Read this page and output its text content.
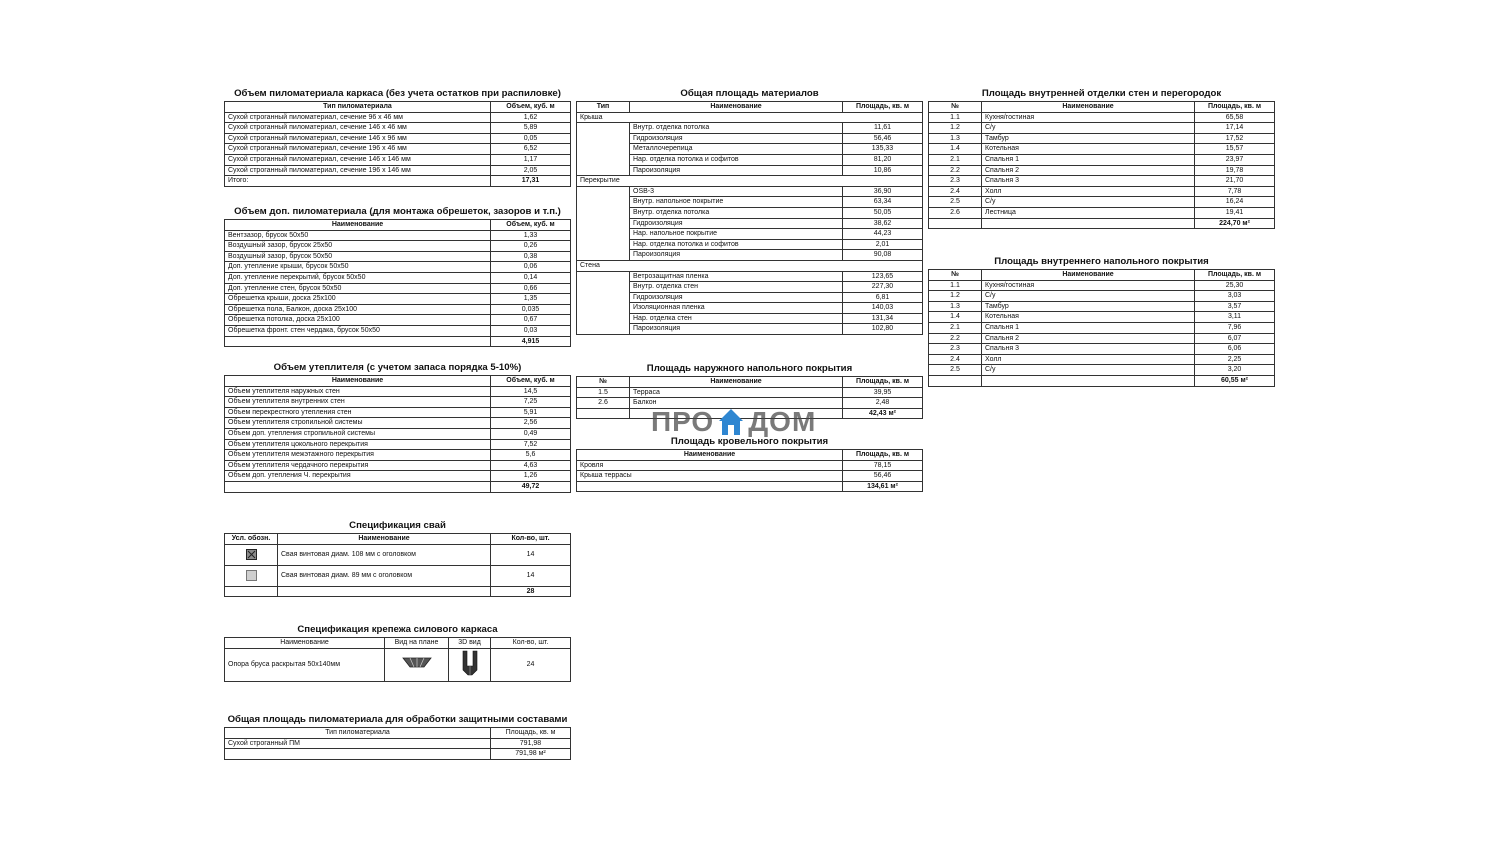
Объем пиломатериала каркаса (без учета остатков при распиловке)
Тип пиломатериала	Объем, куб. м
Сухой строганный пиломатериал, сечение 96 х 46 мм	1,62
Сухой строганный пиломатериал, сечение 146 х 46 мм	5,89
Сухой строганный пиломатериал, сечение 146 х 96 мм	0,05
Сухой строганный пиломатериал, сечение 196 х 46 мм	6,52
Сухой строганный пиломатериал, сечение 146 х 146 мм	1,17
Сухой строганный пиломатериал, сечение 196 х 146 мм	2,05
Итого:	17,31
Объем доп. пиломатериала (для монтажа обрешеток, зазоров и т.п.)
Наименование	Объем, куб. м
Вентзазор, брусок 50х50	1,33
Воздушный зазор, брусок 25х50	0,26
Воздушный зазор, брусок 50х50	0,38
Доп. утепление крыши, брусок 50х50	0,06
Доп. утепление перекрытий, брусок 50х50	0,14
Доп. утепление стен, брусок 50х50	0,66
Обрешетка крыши, доска 25х100	1,35
Обрешетка пола, Балкон, доска 25х100	0,035
Обрешетка потолка, доска 25х100	0,67
Обрешетка фронт. стен чердака, брусок 50х50	0,03
	4,915
Объем утеплителя (с учетом запаса порядка 5-10%)
Наименование	Объем, куб. м
Объем утеплителя наружных стен	14,5
Объем утеплителя внутренних стен	7,25
Объем перекрестного утепления стен	5,91
Объем утеплителя стропильной системы	2,56
Объем доп. утепления стропильной системы	0,49
Объем утеплителя цокольного перекрытия	7,52
Объем утеплителя межэтажного перекрытия	5,6
Объем утеплителя чердачного перекрытия	4,63
Объем доп. утепления Ч. перекрытия	1,26
	49,72
Спецификация свай
Усл. обозн.	Наименование	Кол-во, шт.
	Свая винтовая диам. 108 мм с оголовком	14
	Свая винтовая диам. 89 мм с оголовком	14
		28
Спецификация крепежа силового каркаса
Наименование	Вид на плане	3D вид	Кол-во, шт.
Опора бруса раскрытая 50х140мм			24
Общая площадь пиломатериала для обработки защитными составами
Тип пиломатериала	Площадь, кв. м
Сухой строганный ПМ	791,98
	791,98 м²
Общая площадь материалов
Тип	Наименование	Площадь, кв. м
Крыша		
	Внутр. отделка потолка	11,61
	Гидроизоляция	56,46
	Металлочерепица	135,33
	Нар. отделка потолка и софитов	81,20
	Пароизоляция	10,86
Перекрытие		
	OSB-3	36,90
	Внутр. напольное покрытие	63,34
	Внутр. отделка потолка	50,05
	Гидроизоляция	38,62
	Нар. напольное покрытие	44,23
	Нар. отделка потолка и софитов	2,01
	Пароизоляция	90,08
Стена		
	Ветрозащитная пленка	123,65
	Внутр. отделка стен	227,30
	Гидроизоляция	6,81
	Изоляционная пленка	140,03
	Нар. отделка стен	131,34
	Пароизоляция	102,80
Площадь наружного напольного покрытия
№	Наименование	Площадь, кв. м
1.5	Терраса	39,95
2.6	Балкон	2,48
		42,43 м²
Площадь кровельного покрытия
Наименование	Площадь, кв. м
Кровля	78,15
Крыша террасы	56,46
	134,61 м²
ПРО ДОМ
Площадь внутренней отделки стен и перегородок
№	Наименование	Площадь, кв. м
1.1	Кухня/гостиная	65,58
1.2	С/у	17,14
1.3	Тамбур	17,52
1.4	Котельная	15,57
2.1	Спальня 1	23,97
2.2	Спальня 2	19,78
2.3	Спальня 3	21,70
2.4	Холл	7,78
2.5	С/у	16,24
2.6	Лестница	19,41
		224,70 м²
Площадь внутреннего напольного покрытия
№	Наименование	Площадь, кв. м
1.1	Кухня/гостиная	25,30
1.2	С/у	3,03
1.3	Тамбур	3,57
1.4	Котельная	3,11
2.1	Спальня 1	7,96
2.2	Спальня 2	6,07
2.3	Спальня 3	6,06
2.4	Холл	2,25
2.5	С/у	3,20
		60,55 м²
